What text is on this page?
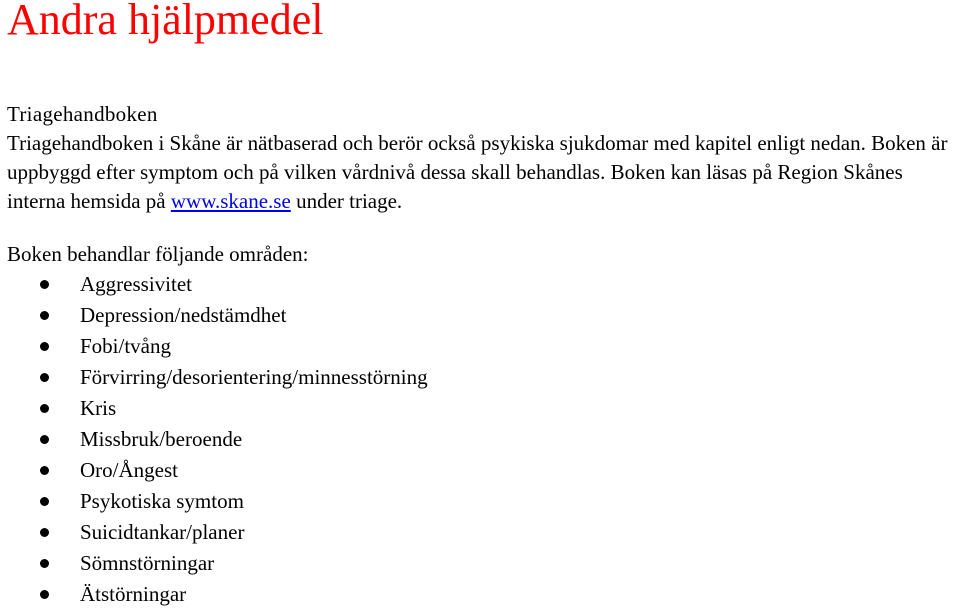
Andra hjälpmedel
Triagehandboken

Triagehandboken i Skåne är nätbaserad och berör också psykiska sjukdomar med kapitel enligt nedan. Boken är uppbyggd efter symptom och på vilken vårdnivå dessa skall behandlas. Boken kan läsas på Region Skånes interna hemsida på www.skane.se under triage.

Boken behandlar följande områden:
Aggressivitet
Depression/nedstämdhet
Fobi/tvång
Förvirring/desorientering/minnesstörning
Kris
Missbruk/beroende
Oro/Ångest
Psykotiska symtom
Suicidtankar/planer
Sömnstörningar
Ätstörningar
